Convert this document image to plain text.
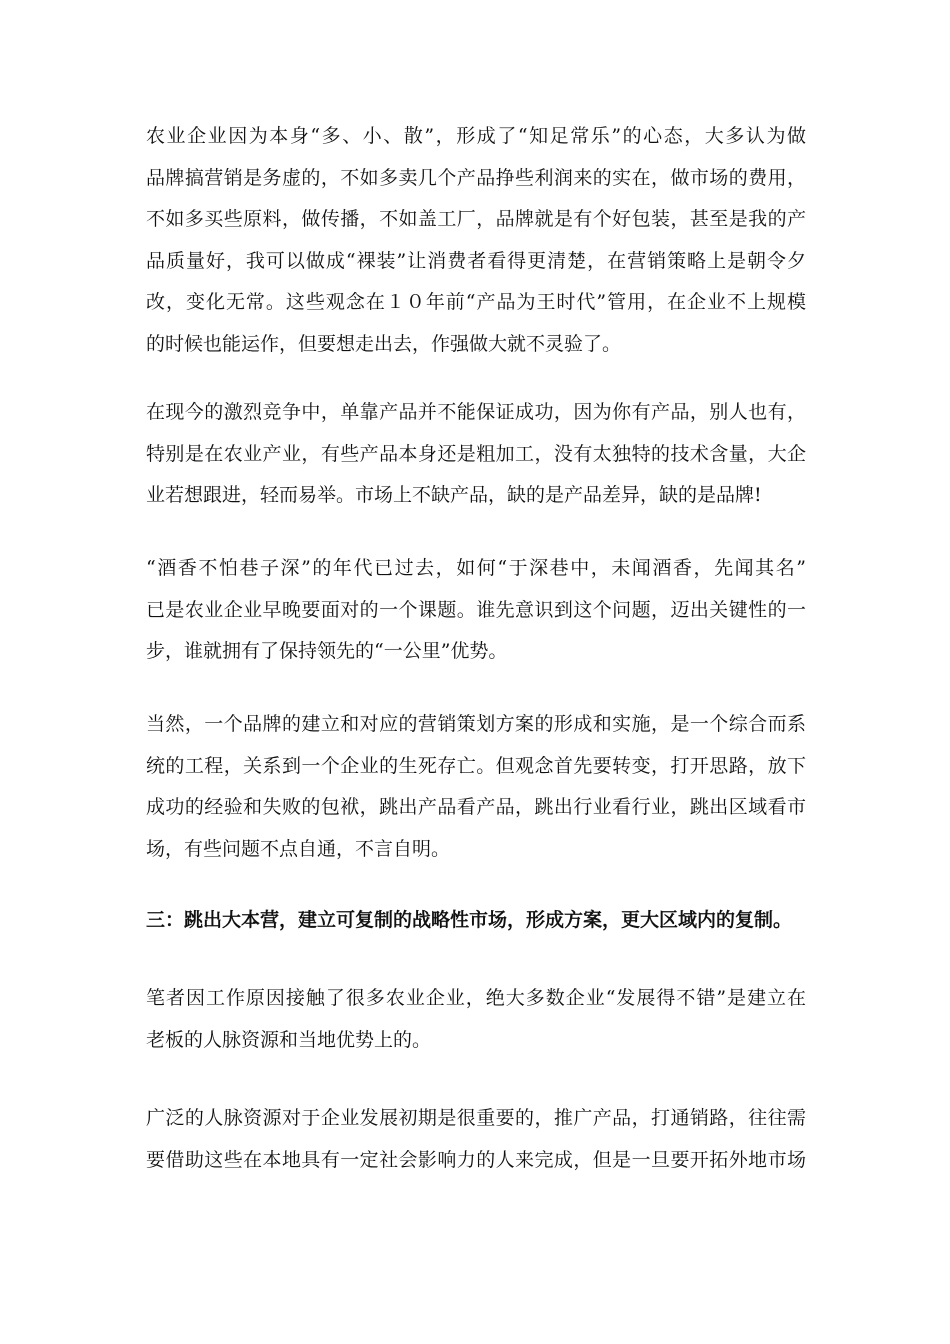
农业企业因为本身“多、小、散”，形成了“知足常乐”的心态，大多认为做
品牌搞营销是务虚的，不如多卖几个产品挣些利润来的实在，做市场的费用，
不如多买些原料，做传播，不如盖工厂，品牌就是有个好包装，甚至是我的产
品质量好，我可以做成“裸装”让消费者看得更清楚，在营销策略上是朝令夕
改，变化无常。这些观念在１０年前“产品为王时代”管用，在企业不上规模
的时候也能运作，但要想走出去，作强做大就不灵验了。
在现今的激烈竞争中，单靠产品并不能保证成功，因为你有产品，别人也有，
特别是在农业产业，有些产品本身还是粗加工，没有太独特的技术含量，大企
业若想跟进，轻而易举。市场上不缺产品，缺的是产品差异，缺的是品牌!
“酒香不怕巷子深”的年代已过去，如何“于深巷中，未闻酒香，先闻其名”
已是农业企业早晚要面对的一个课题。谁先意识到这个问题，迈出关键性的一
步，谁就拥有了保持领先的“一公里”优势。
当然，一个品牌的建立和对应的营销策划方案的形成和实施，是一个综合而系
统的工程，关系到一个企业的生死存亡。但观念首先要转变，打开思路，放下
成功的经验和失败的包袱，跳出产品看产品，跳出行业看行业，跳出区域看市
场，有些问题不点自通，不言自明。
三：跳出大本营，建立可复制的战略性市场，形成方案，更大区域内的复制。
笔者因工作原因接触了很多农业企业，绝大多数企业“发展得不错”是建立在
老板的人脉资源和当地优势上的。
广泛的人脉资源对于企业发展初期是很重要的，推广产品，打通销路，往往需
要借助这些在本地具有一定社会影响力的人来完成，但是一旦要开拓外地市场
